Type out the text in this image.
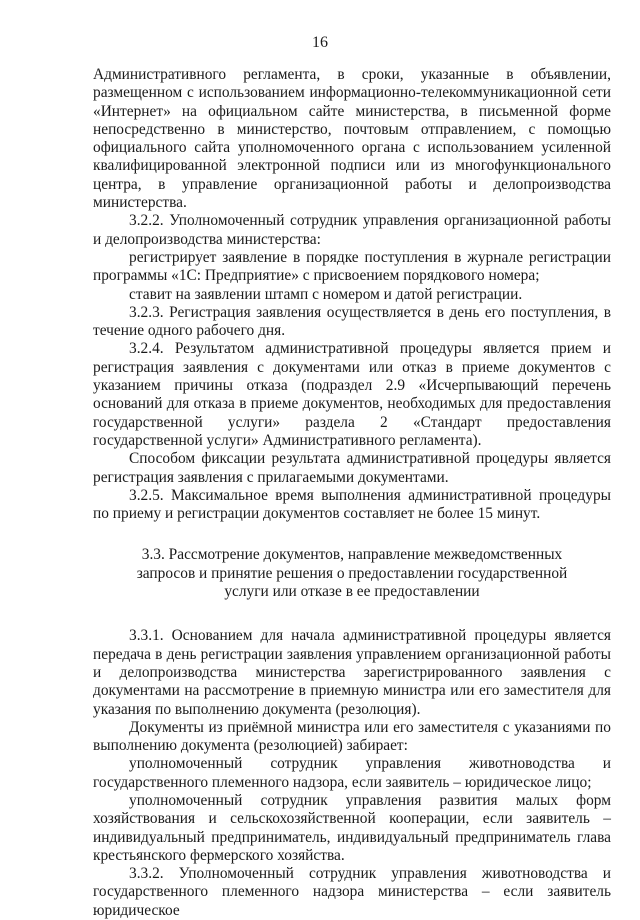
16

Административного регламента, в сроки, указанные в объявлении, размещенном с использованием информационно-телекоммуникационной сети «Интернет» на официальном сайте министерства, в письменной форме непосредственно в министерство, почтовым отправлением, с помощью официального сайта уполномоченного органа с использованием усиленной квалифицированной электронной подписи или из многофункционального центра, в управление организационной работы и делопроизводства министерства.

3.2.2. Уполномоченный сотрудник управления организационной работы и делопроизводства министерства:

регистрирует заявление в порядке поступления в журнале регистрации программы «1С: Предприятие» с присвоением порядкового номера;

ставит на заявлении штамп с номером и датой регистрации.

3.2.3. Регистрация заявления осуществляется в день его поступления, в течение одного рабочего дня.

3.2.4. Результатом административной процедуры является прием и регистрация заявления с документами или отказ в приеме документов с указанием причины отказа (подраздел 2.9 «Исчерпывающий перечень оснований для отказа в приеме документов, необходимых для предоставления государственной услуги» раздела 2 «Стандарт предоставления государственной услуги» Административного регламента).

Способом фиксации результата административной процедуры является регистрация заявления с прилагаемыми документами.

3.2.5. Максимальное время выполнения административной процедуры по приему и регистрации документов составляет не более 15 минут.

3.3. Рассмотрение документов, направление межведомственных запросов и принятие решения о предоставлении государственной услуги или отказе в ее предоставлении

3.3.1. Основанием для начала административной процедуры является передача в день регистрации заявления управлением организационной работы и делопроизводства министерства зарегистрированного заявления с документами на рассмотрение в приемную министра или его заместителя для указания по выполнению документа (резолюция).

Документы из приёмной министра или его заместителя с указаниями по выполнению документа (резолюцией) забирает:

уполномоченный сотрудник управления животноводства и государственного племенного надзора, если заявитель – юридическое лицо;

уполномоченный сотрудник управления развития малых форм хозяйствования и сельскохозяйственной кооперации, если заявитель – индивидуальный предприниматель, индивидуальный предприниматель глава крестьянского фермерского хозяйства.

3.3.2. Уполномоченный сотрудник управления животноводства и государственного племенного надзора министерства – если заявитель юридическое
